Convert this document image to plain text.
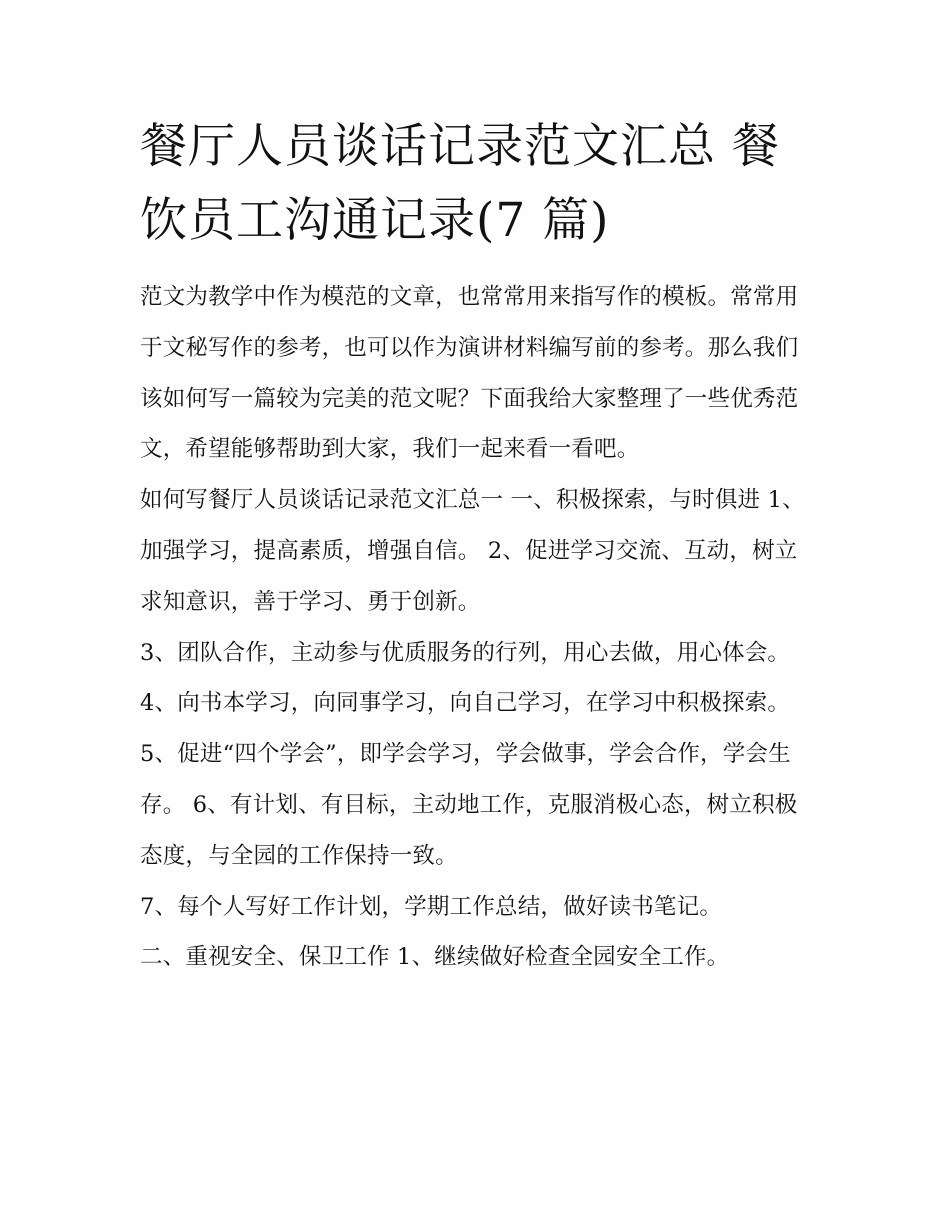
餐厅人员谈话记录范文汇总 餐饮员工沟通记录(7 篇)

范文为教学中作为模范的文章，也常常用来指写作的模板。常常用于文秘写作的参考，也可以作为演讲材料编写前的参考。那么我们该如何写一篇较为完美的范文呢？下面我给大家整理了一些优秀范文，希望能够帮助到大家，我们一起来看一看吧。

如何写餐厅人员谈话记录范文汇总一 一、积极探索，与时俱进 1、加强学习，提高素质，增强自信。 2、促进学习交流、互动，树立求知意识，善于学习、勇于创新。

3、团队合作，主动参与优质服务的行列，用心去做，用心体会。 4、向书本学习，向同事学习，向自己学习，在学习中积极探索。

5、促进“四个学会”，即学会学习，学会做事，学会合作，学会生存。 6、有计划、有目标，主动地工作，克服消极心态，树立积极态度，与全园的工作保持一致。

7、每个人写好工作计划，学期工作总结，做好读书笔记。

二、重视安全、保卫工作 1、继续做好检查全园安全工作。
